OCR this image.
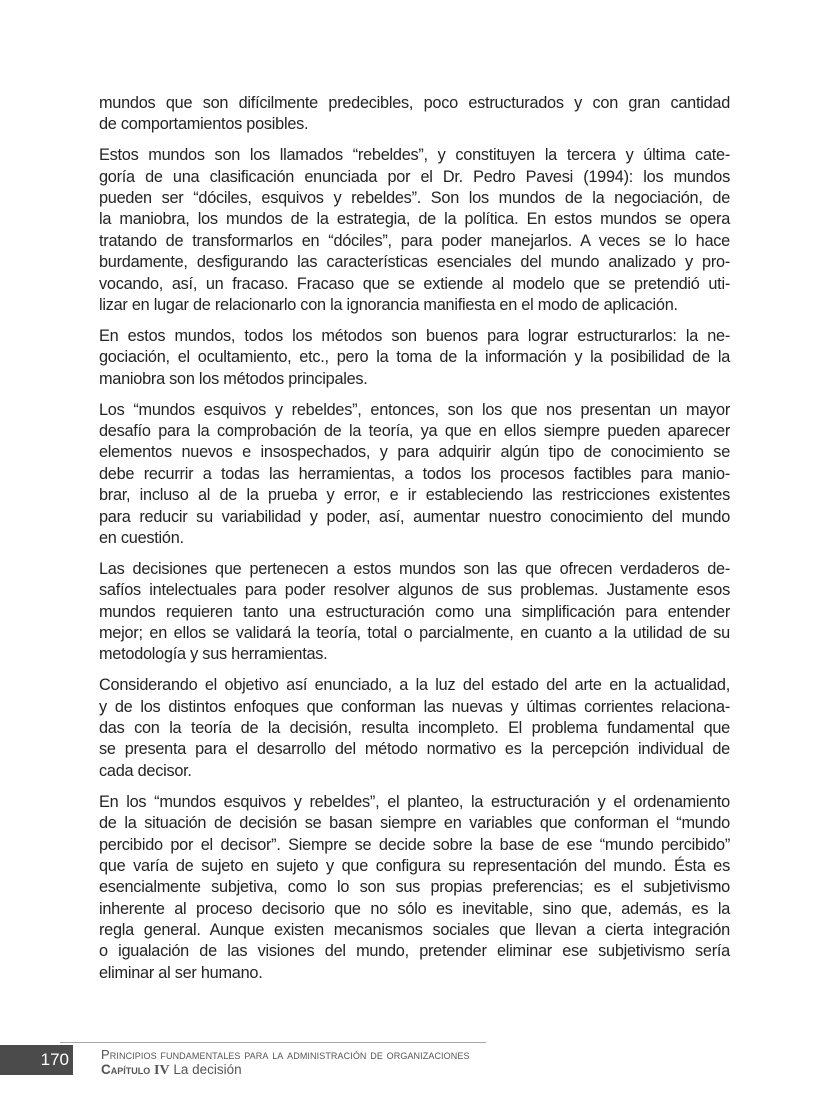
mundos que son difícilmente predecibles, poco estructurados y con gran cantidad
de comportamientos posibles.

Estos mundos son los llamados “rebeldes”, y constituyen la tercera y última cate-
goría de una clasificación enunciada por el Dr. Pedro Pavesi (1994): los mundos
pueden ser “dóciles, esquivos y rebeldes”. Son los mundos de la negociación, de
la maniobra, los mundos de la estrategia, de la política. En estos mundos se opera
tratando de transformarlos en “dóciles”, para poder manejarlos. A veces se lo hace
burdamente, desfigurando las características esenciales del mundo analizado y pro-
vocando, así, un fracaso. Fracaso que se extiende al modelo que se pretendió uti-
lizar en lugar de relacionarlo con la ignorancia manifiesta en el modo de aplicación.

En estos mundos, todos los métodos son buenos para lograr estructurarlos: la ne-
gociación, el ocultamiento, etc., pero la toma de la información y la posibilidad de la
maniobra son los métodos principales.

Los “mundos esquivos y rebeldes”, entonces, son los que nos presentan un mayor
desafío para la comprobación de la teoría, ya que en ellos siempre pueden aparecer
elementos nuevos e insospechados, y para adquirir algún tipo de conocimiento se
debe recurrir a todas las herramientas, a todos los procesos factibles para manio-
brar, incluso al de la prueba y error, e ir estableciendo las restricciones existentes
para reducir su variabilidad y poder, así, aumentar nuestro conocimiento del mundo
en cuestión.

Las decisiones que pertenecen a estos mundos son las que ofrecen verdaderos de-
safíos intelectuales para poder resolver algunos de sus problemas. Justamente esos
mundos requieren tanto una estructuración como una simplificación para entender
mejor; en ellos se validará la teoría, total o parcialmente, en cuanto a la utilidad de su
metodología y sus herramientas.

Considerando el objetivo así enunciado, a la luz del estado del arte en la actualidad,
y de los distintos enfoques que conforman las nuevas y últimas corrientes relaciona-
das con la teoría de la decisión, resulta incompleto. El problema fundamental que
se presenta para el desarrollo del método normativo es la percepción individual de
cada decisor.

En los “mundos esquivos y rebeldes”, el planteo, la estructuración y el ordenamiento
de la situación de decisión se basan siempre en variables que conforman el “mundo
percibido por el decisor”. Siempre se decide sobre la base de ese “mundo percibido”
que varía de sujeto en sujeto y que configura su representación del mundo. Ésta es
esencialmente subjetiva, como lo son sus propias preferencias; es el subjetivismo
inherente al proceso decisorio que no sólo es inevitable, sino que, además, es la
regla general. Aunque existen mecanismos sociales que llevan a cierta integración
o igualación de las visiones del mundo, pretender eliminar ese subjetivismo sería
eliminar al ser humano.

170	Principios fundamentales para la administración de organizaciones
Capítulo IV La decisión
